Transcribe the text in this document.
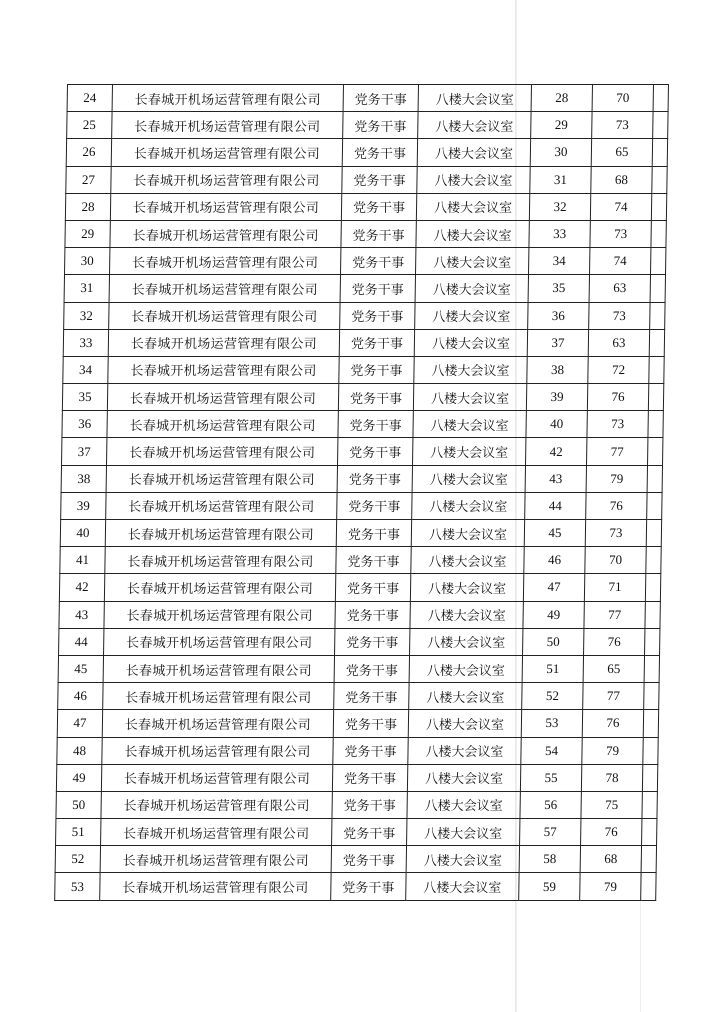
24	长春城开机场运营管理有限公司	党务干事	八楼大会议室	28	70	
25	长春城开机场运营管理有限公司	党务干事	八楼大会议室	29	73	
26	长春城开机场运营管理有限公司	党务干事	八楼大会议室	30	65	
27	长春城开机场运营管理有限公司	党务干事	八楼大会议室	31	68	
28	长春城开机场运营管理有限公司	党务干事	八楼大会议室	32	74	
29	长春城开机场运营管理有限公司	党务干事	八楼大会议室	33	73	
30	长春城开机场运营管理有限公司	党务干事	八楼大会议室	34	74	
31	长春城开机场运营管理有限公司	党务干事	八楼大会议室	35	63	
32	长春城开机场运营管理有限公司	党务干事	八楼大会议室	36	73	
33	长春城开机场运营管理有限公司	党务干事	八楼大会议室	37	63	
34	长春城开机场运营管理有限公司	党务干事	八楼大会议室	38	72	
35	长春城开机场运营管理有限公司	党务干事	八楼大会议室	39	76	
36	长春城开机场运营管理有限公司	党务干事	八楼大会议室	40	73	
37	长春城开机场运营管理有限公司	党务干事	八楼大会议室	42	77	
38	长春城开机场运营管理有限公司	党务干事	八楼大会议室	43	79	
39	长春城开机场运营管理有限公司	党务干事	八楼大会议室	44	76	
40	长春城开机场运营管理有限公司	党务干事	八楼大会议室	45	73	
41	长春城开机场运营管理有限公司	党务干事	八楼大会议室	46	70	
42	长春城开机场运营管理有限公司	党务干事	八楼大会议室	47	71	
43	长春城开机场运营管理有限公司	党务干事	八楼大会议室	49	77	
44	长春城开机场运营管理有限公司	党务干事	八楼大会议室	50	76	
45	长春城开机场运营管理有限公司	党务干事	八楼大会议室	51	65	
46	长春城开机场运营管理有限公司	党务干事	八楼大会议室	52	77	
47	长春城开机场运营管理有限公司	党务干事	八楼大会议室	53	76	
48	长春城开机场运营管理有限公司	党务干事	八楼大会议室	54	79	
49	长春城开机场运营管理有限公司	党务干事	八楼大会议室	55	78	
50	长春城开机场运营管理有限公司	党务干事	八楼大会议室	56	75	
51	长春城开机场运营管理有限公司	党务干事	八楼大会议室	57	76	
52	长春城开机场运营管理有限公司	党务干事	八楼大会议室	58	68	
53	长春城开机场运营管理有限公司	党务干事	八楼大会议室	59	79	
